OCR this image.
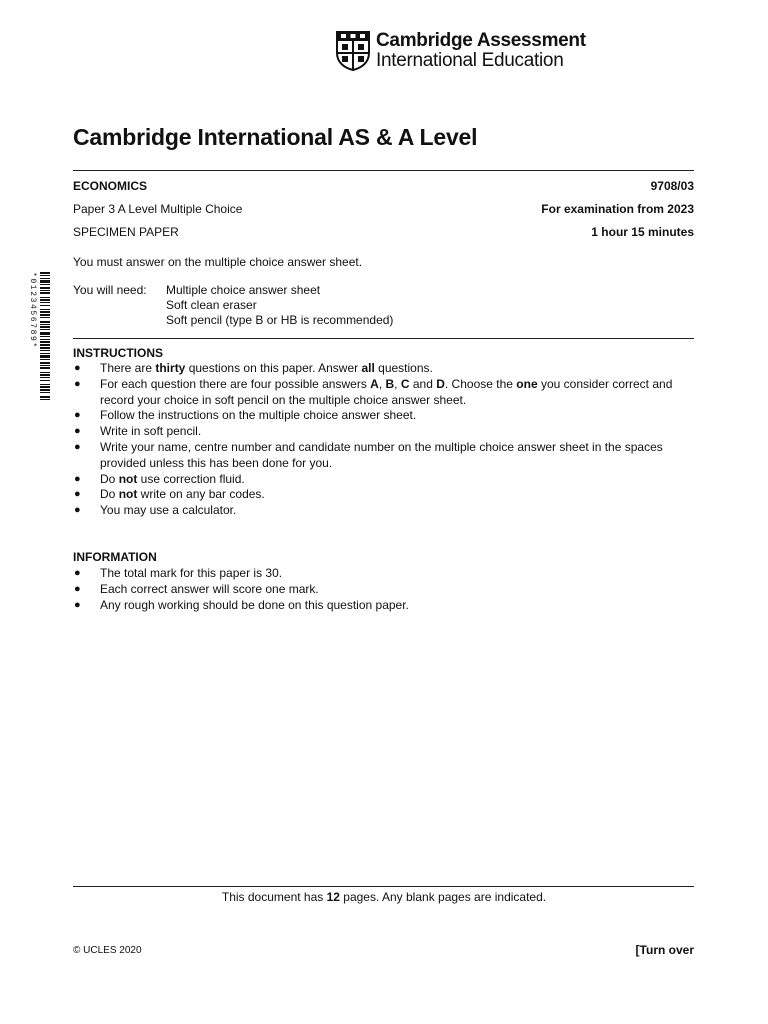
Cambridge Assessment
International Education
Cambridge International AS & A Level
ECONOMICS	9708/03
Paper 3 A Level Multiple Choice	For examination from 2023
SPECIMEN PAPER	1 hour 15 minutes
You must answer on the multiple choice answer sheet.
*0123456789*	You will need: Multiple choice answer sheet
Soft clean eraser
Soft pencil (type B or HB is recommended)
INSTRUCTIONS
● There are thirty questions on this paper. Answer all questions.
● For each question there are four possible answers A, B, C and D. Choose the one you consider correct and record your choice in soft pencil on the multiple choice answer sheet.
● Follow the instructions on the multiple choice answer sheet.
● Write in soft pencil.
● Write your name, centre number and candidate number on the multiple choice answer sheet in the spaces provided unless this has been done for you.
● Do not use correction fluid.
● Do not write on any bar codes.
● You may use a calculator.
INFORMATION
● The total mark for this paper is 30.
● Each correct answer will score one mark.
● Any rough working should be done on this question paper.
This document has 12 pages. Any blank pages are indicated.
© UCLES 2020	[Turn over
